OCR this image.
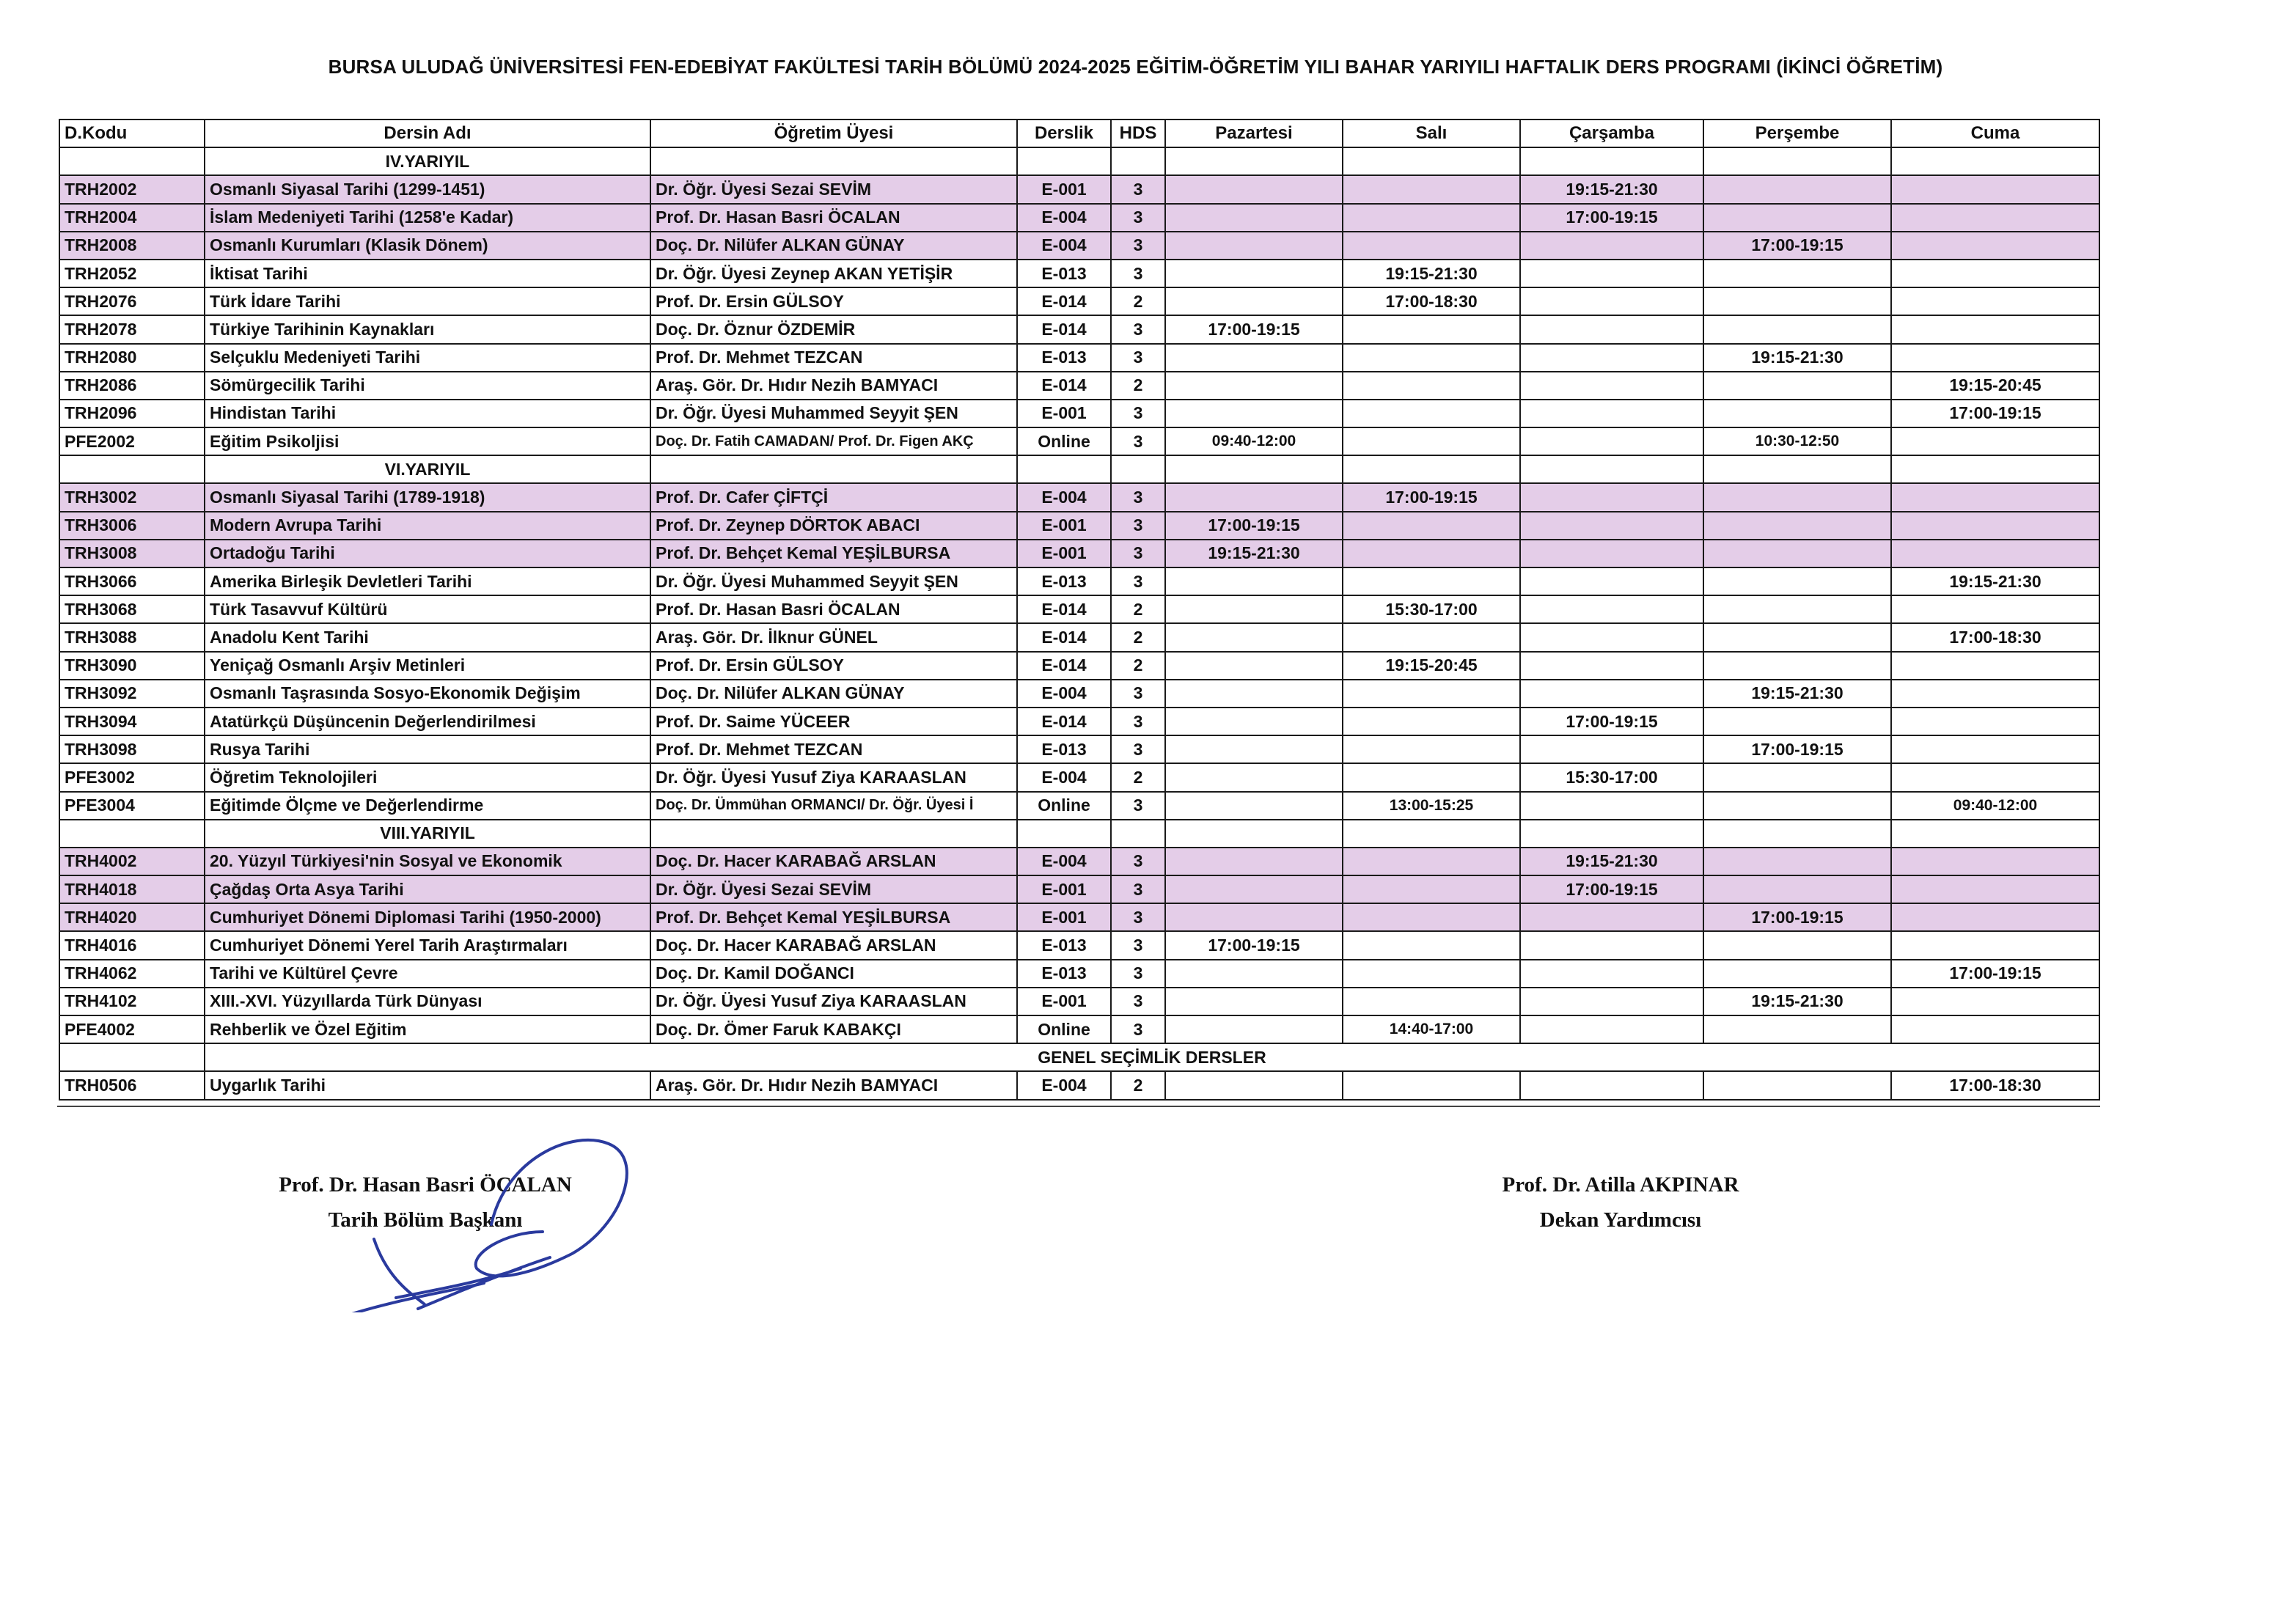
BURSA ULUDAĞ ÜNİVERSİTESİ FEN-EDEBİYAT FAKÜLTESİ TARİH BÖLÜMÜ 2024-2025 EĞİTİM-ÖĞRETİM YILI BAHAR YARIYILI HAFTALIK DERS PROGRAMI (İKİNCİ ÖĞRETİM)
D.Kodu	Dersin Adı	Öğretim Üyesi	Derslik	HDS	Pazartesi	Salı	Çarşamba	Perşembe	Cuma
	IV.YARIYIL								
TRH2002	Osmanlı Siyasal Tarihi (1299-1451)	Dr. Öğr. Üyesi Sezai SEVİM	E-001	3			19:15-21:30		
TRH2004	İslam Medeniyeti Tarihi (1258'e Kadar)	Prof. Dr. Hasan Basri ÖCALAN	E-004	3			17:00-19:15		
TRH2008	Osmanlı Kurumları (Klasik Dönem)	Doç. Dr. Nilüfer ALKAN GÜNAY	E-004	3				17:00-19:15	
TRH2052	İktisat Tarihi	Dr. Öğr. Üyesi Zeynep AKAN YETİŞİR	E-013	3		19:15-21:30			
TRH2076	Türk İdare Tarihi	Prof. Dr. Ersin GÜLSOY	E-014	2		17:00-18:30			
TRH2078	Türkiye Tarihinin Kaynakları	Doç. Dr. Öznur ÖZDEMİR	E-014	3	17:00-19:15				
TRH2080	Selçuklu Medeniyeti Tarihi	Prof. Dr. Mehmet TEZCAN	E-013	3				19:15-21:30	
TRH2086	Sömürgecilik Tarihi	Araş. Gör. Dr. Hıdır Nezih BAMYACI	E-014	2					19:15-20:45
TRH2096	Hindistan Tarihi	Dr. Öğr. Üyesi Muhammed Seyyit ŞEN	E-001	3					17:00-19:15
PFE2002	Eğitim Psikoljisi	Doç. Dr. Fatih CAMADAN/ Prof. Dr. Figen AKÇ	Online	3	09:40-12:00			10:30-12:50	
	VI.YARIYIL								
TRH3002	Osmanlı Siyasal Tarihi (1789-1918)	Prof. Dr. Cafer ÇİFTÇİ	E-004	3		17:00-19:15			
TRH3006	Modern Avrupa Tarihi	Prof. Dr. Zeynep DÖRTOK ABACI	E-001	3	17:00-19:15				
TRH3008	Ortadoğu Tarihi	Prof. Dr. Behçet Kemal YEŞİLBURSA	E-001	3	19:15-21:30				
TRH3066	Amerika Birleşik Devletleri Tarihi	Dr. Öğr. Üyesi Muhammed Seyyit ŞEN	E-013	3					19:15-21:30
TRH3068	Türk Tasavvuf Kültürü	Prof. Dr. Hasan Basri ÖCALAN	E-014	2		15:30-17:00			
TRH3088	Anadolu Kent Tarihi	Araş. Gör. Dr. İlknur GÜNEL	E-014	2					17:00-18:30
TRH3090	Yeniçağ Osmanlı Arşiv Metinleri	Prof. Dr. Ersin GÜLSOY	E-014	2		19:15-20:45			
TRH3092	Osmanlı Taşrasında Sosyo-Ekonomik Değişim	Doç. Dr. Nilüfer ALKAN GÜNAY	E-004	3				19:15-21:30	
TRH3094	Atatürkçü Düşüncenin Değerlendirilmesi	Prof. Dr. Saime YÜCEER	E-014	3			17:00-19:15		
TRH3098	Rusya Tarihi	Prof. Dr. Mehmet TEZCAN	E-013	3				17:00-19:15	
PFE3002	Öğretim Teknolojileri	Dr. Öğr. Üyesi Yusuf Ziya KARAASLAN	E-004	2			15:30-17:00		
PFE3004	Eğitimde Ölçme ve Değerlendirme	Doç. Dr. Ümmühan ORMANCI/ Dr. Öğr. Üyesi İ	Online	3		13:00-15:25			09:40-12:00
	VIII.YARIYIL								
TRH4002	20. Yüzyıl Türkiyesi'nin Sosyal ve Ekonomik	Doç. Dr. Hacer KARABAĞ ARSLAN	E-004	3			19:15-21:30		
TRH4018	Çağdaş Orta Asya Tarihi	Dr. Öğr. Üyesi Sezai SEVİM	E-001	3			17:00-19:15		
TRH4020	Cumhuriyet Dönemi Diplomasi Tarihi (1950-2000)	Prof. Dr. Behçet Kemal YEŞİLBURSA	E-001	3				17:00-19:15	
TRH4016	Cumhuriyet Dönemi Yerel Tarih Araştırmaları	Doç. Dr. Hacer KARABAĞ ARSLAN	E-013	3	17:00-19:15				
TRH4062	Tarihi ve Kültürel Çevre	Doç. Dr. Kamil DOĞANCI	E-013	3					17:00-19:15
TRH4102	XIII.-XVI. Yüzyıllarda Türk Dünyası	Dr. Öğr. Üyesi Yusuf Ziya KARAASLAN	E-001	3				19:15-21:30	
PFE4002	Rehberlik ve Özel Eğitim	Doç. Dr. Ömer Faruk KABAKÇI	Online	3		14:40-17:00			
	GENEL SEÇİMLİK DERSLER								
TRH0506	Uygarlık Tarihi	Araş. Gör. Dr. Hıdır Nezih BAMYACI	E-004	2					17:00-18:30
Prof. Dr. Hasan Basri ÖCALAN
Tarih Bölüm Başkanı
Prof. Dr. Atilla AKPINAR
Dekan Yardımcısı
